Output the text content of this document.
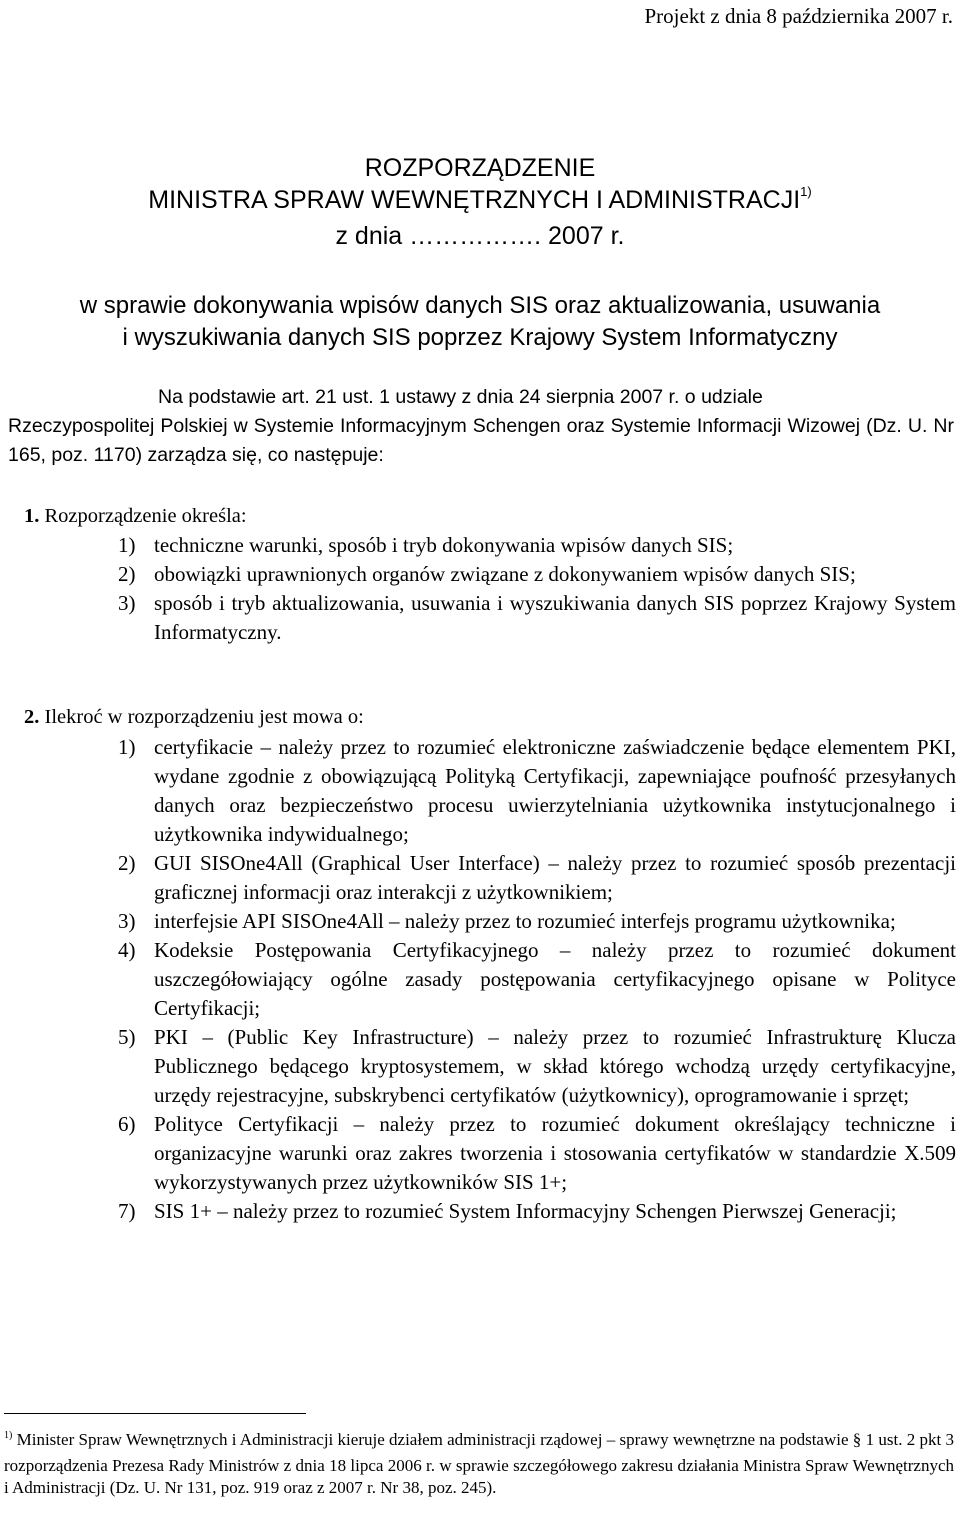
Projekt z dnia 8 października 2007 r.
ROZPORZĄDZENIE
MINISTRA SPRAW WEWNĘTRZNYCH I ADMINISTRACJI$^{1)}$
z dnia ……………. 2007 r.
w sprawie dokonywania wpisów danych SIS oraz aktualizowania, usuwania
i wyszukiwania danych SIS poprzez Krajowy System Informatyczny
Na podstawie art. 21 ust. 1 ustawy z dnia 24 sierpnia 2007 r. o udziale
Rzeczypospolitej Polskiej w Systemie Informacyjnym Schengen oraz Systemie Informacji Wizowej (Dz. U. Nr 165, poz. 1170) zarządza się, co następuje:
1. Rozporządzenie określa:
1) techniczne warunki, sposób i tryb dokonywania wpisów danych SIS;
2) obowiązki uprawnionych organów związane z dokonywaniem wpisów danych SIS;
3) sposób i tryb aktualizowania, usuwania i wyszukiwania danych SIS poprzez Krajowy System Informatyczny.
2. Ilekroć w rozporządzeniu jest mowa o:
1) certyfikacie – należy przez to rozumieć elektroniczne zaświadczenie będące elementem PKI, wydane zgodnie z obowiązującą Polityką Certyfikacji, zapewniające poufność przesyłanych danych oraz bezpieczeństwo procesu uwierzytelniania użytkownika instytucjonalnego i użytkownika indywidualnego;
2) GUI SISOne4All (Graphical User Interface) – należy przez to rozumieć sposób prezentacji graficznej informacji oraz interakcji z użytkownikiem;
3) interfejsie API SISOne4All – należy przez to rozumieć interfejs programu użytkownika;
4) Kodeksie Postępowania Certyfikacyjnego – należy przez to rozumieć dokument uszczegółowiający ogólne zasady postępowania certyfikacyjnego opisane w Polityce Certyfikacji;
5) PKI – (Public Key Infrastructure) – należy przez to rozumieć Infrastrukturę Klucza Publicznego będącego kryptosystemem, w skład którego wchodzą urzędy certyfikacyjne, urzędy rejestracyjne, subskrybenci certyfikatów (użytkownicy), oprogramowanie i sprzęt;
6) Polityce Certyfikacji – należy przez to rozumieć dokument określający techniczne i organizacyjne warunki oraz zakres tworzenia i stosowania certyfikatów w standardzie X.509 wykorzystywanych przez użytkowników SIS 1+;
7) SIS 1+ – należy przez to rozumieć System Informacyjny Schengen Pierwszej Generacji;
$^{1)}$ Minister Spraw Wewnętrznych i Administracji kieruje działem administracji rządowej – sprawy wewnętrzne na podstawie § 1 ust. 2 pkt 3 rozporządzenia Prezesa Rady Ministrów z dnia 18 lipca 2006 r. w sprawie szczegółowego zakresu działania Ministra Spraw Wewnętrznych i Administracji (Dz. U. Nr 131, poz. 919 oraz z 2007 r. Nr 38, poz. 245).
